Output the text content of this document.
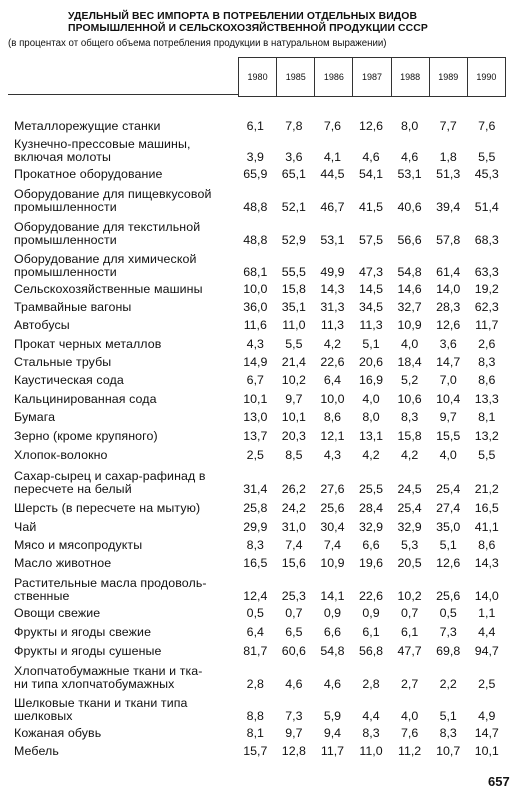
УДЕЛЬНЫЙ ВЕС ИМПОРТА В ПОТРЕБЛЕНИИ ОТДЕЛЬНЫХ ВИДОВ
ПРОМЫШЛЕННОЙ И СЕЛЬСКОХОЗЯЙСТВЕННОЙ ПРОДУКЦИИ СССР
(в процентах от общего объема потребления продукции в натуральном выражении)
1980	1985	1986	1987	1988	1989	1990
Металлорежущие станки	6,1	7,8	7,6	12,6	8,0	7,7	7,6
Кузнечно-прессовые машины,
включая молоты	3,9	3,6	4,1	4,6	4,6	1,8	5,5
Прокатное оборудование	65,9	65,1	44,5	54,1	53,1	51,3	45,3
Оборудование для пищевкусовой
промышленности	48,8	52,1	46,7	41,5	40,6	39,4	51,4
Оборудование для текстильной
промышленности	48,8	52,9	53,1	57,5	56,6	57,8	68,3
Оборудование для химической
промышленности	68,1	55,5	49,9	47,3	54,8	61,4	63,3
Сельскохозяйственные машины	10,0	15,8	14,3	14,5	14,6	14,0	19,2
Трамвайные вагоны	36,0	35,1	31,3	34,5	32,7	28,3	62,3
Автобусы	11,6	11,0	11,3	11,3	10,9	12,6	11,7
Прокат черных металлов	4,3	5,5	4,2	5,1	4,0	3,6	2,6
Стальные трубы	14,9	21,4	22,6	20,6	18,4	14,7	8,3
Каустическая сода	6,7	10,2	6,4	16,9	5,2	7,0	8,6
Кальцинированная сода	10,1	9,7	10,0	4,0	10,6	10,4	13,3
Бумага	13,0	10,1	8,6	8,0	8,3	9,7	8,1
Зерно (кроме крупяного)	13,7	20,3	12,1	13,1	15,8	15,5	13,2
Хлопок-волокно	2,5	8,5	4,3	4,2	4,2	4,0	5,5
Сахар-сырец и сахар-рафинад в
пересчете на белый	31,4	26,2	27,6	25,5	24,5	25,4	21,2
Шерсть (в пересчете на мытую)	25,8	24,2	25,6	28,4	25,4	27,4	16,5
Чай	29,9	31,0	30,4	32,9	32,9	35,0	41,1
Мясо и мясопродукты	8,3	7,4	7,4	6,6	5,3	5,1	8,6
Масло животное	16,5	15,6	10,9	19,6	20,5	12,6	14,3
Растительные масла продоволь-
ственные	12,4	25,3	14,1	22,6	10,2	25,6	14,0
Овощи свежие	0,5	0,7	0,9	0,9	0,7	0,5	1,1
Фрукты и ягоды свежие	6,4	6,5	6,6	6,1	6,1	7,3	4,4
Фрукты и ягоды сушеные	81,7	60,6	54,8	56,8	47,7	69,8	94,7
Хлопчатобумажные ткани и тка-
ни типа хлопчатобумажных	2,8	4,6	4,6	2,8	2,7	2,2	2,5
Шелковые ткани и ткани типа
шелковых	8,8	7,3	5,9	4,4	4,0	5,1	4,9
Кожаная обувь	8,1	9,7	9,4	8,3	7,6	8,3	14,7
Мебель	15,7	12,8	11,7	11,0	11,2	10,7	10,1
657
